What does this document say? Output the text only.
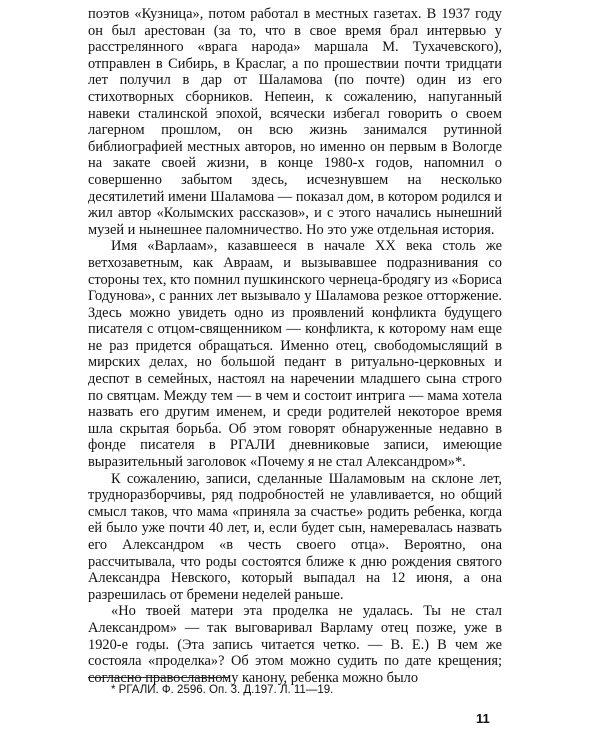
поэтов «Кузница», потом работал в местных газетах. В 1937 году он был арестован (за то, что в свое время брал интервью у расстрелянного «врага народа» маршала М. Тухачевского), отправлен в Сибирь, в Краслаг, а по прошествии почти тридцати лет получил в дар от Шаламова (по почте) один из его стихотворных сборников. Непеин, к сожалению, напуганный навеки сталинской эпохой, всячески избегал говорить о своем лагерном прошлом, он всю жизнь занимался рутинной библиографией местных авторов, но именно он первым в Вологде на закате своей жизни, в конце 1980-х годов, напомнил о совершенно забытом здесь, исчезнувшем на несколько десятилетий имени Шаламова — показал дом, в котором родился и жил автор «Колымских рассказов», и с этого начались нынешний музей и нынешнее паломничество. Но это уже отдельная история.

Имя «Варлаам», казавшееся в начале XX века столь же ветхозаветным, как Авраам, и вызывавшее подразнивания со стороны тех, кто помнил пушкинского чернеца-бродягу из «Бориса Годунова», с ранних лет вызывало у Шаламова резкое отторжение. Здесь можно увидеть одно из проявлений конфликта будущего писателя с отцом-священником — конфликта, к которому нам еще не раз придется обращаться. Именно отец, свободомыслящий в мирских делах, но большой педант в ритуально-церковных и деспот в семейных, настоял на наречении младшего сына строго по святцам. Между тем — в чем и состоит интрига — мама хотела назвать его другим именем, и среди родителей некоторое время шла скрытая борьба. Об этом говорят обнаруженные недавно в фонде писателя в РГАЛИ дневниковые записи, имеющие выразительный заголовок «Почему я не стал Александром»*.

К сожалению, записи, сделанные Шаламовым на склоне лет, трудноразборчивы, ряд подробностей не улавливается, но общий смысл таков, что мама «приняла за счастье» родить ребенка, когда ей было уже почти 40 лет, и, если будет сын, намеревалась назвать его Александром «в честь своего отца». Вероятно, она рассчитывала, что роды состоятся ближе к дню рождения святого Александра Невского, который выпадал на 12 июня, а она разрешилась от бремени неделей раньше.

«Но твоей матери эта проделка не удалась. Ты не стал Александром» — так выговаривал Варламу отец позже, уже в 1920-е годы. (Эта запись читается четко. — В. Е.) В чем же состояла «проделка»? Об этом можно судить по дате крещения; согласно православному канону, ребенка можно было

* РГАЛИ. Ф. 2596. Оп. 3. Д.197. Л. 11—19.

11
